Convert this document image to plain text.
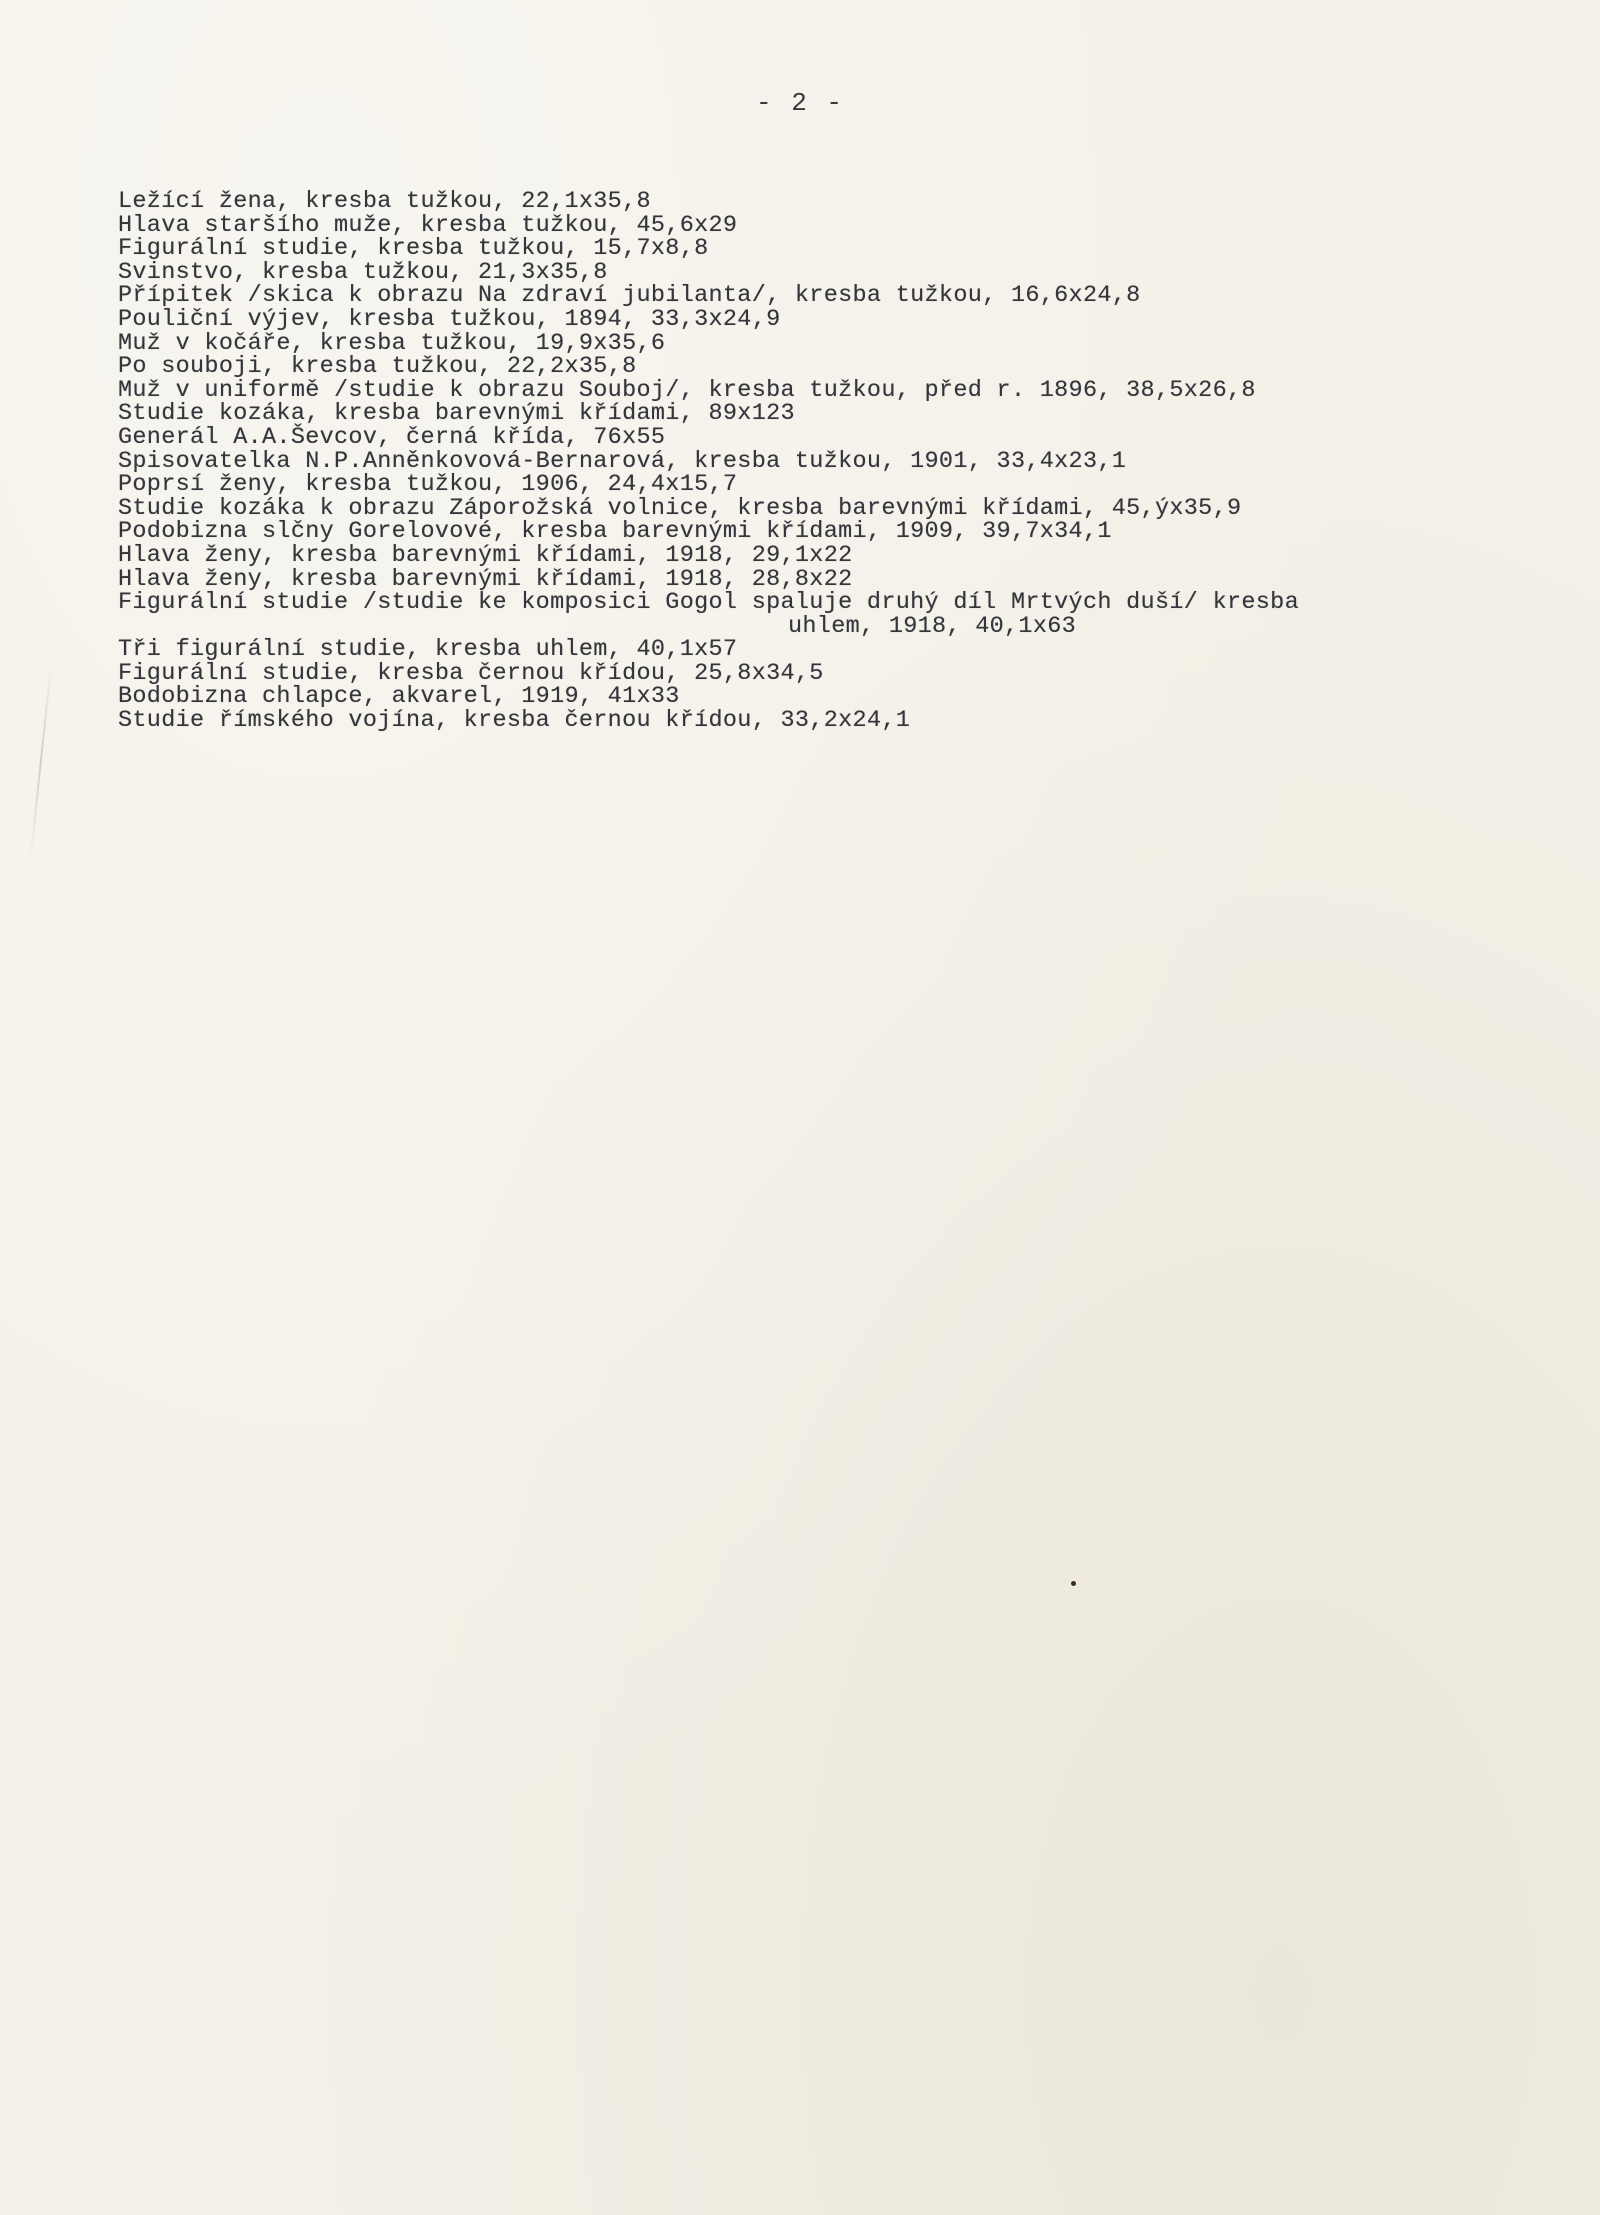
- 2 -
Ležící žena, kresba tužkou, 22,1x35,8
Hlava staršího muže, kresba tužkou, 45,6x29
Figurální studie, kresba tužkou, 15,7x8,8
Svinstvo, kresba tužkou, 21,3x35,8
Přípitek /skica k obrazu Na zdraví jubilanta/, kresba tužkou, 16,6x24,8
Pouliční výjev, kresba tužkou, 1894, 33,3x24,9
Muž v kočáře, kresba tužkou, 19,9x35,6
Po souboji, kresba tužkou, 22,2x35,8
Muž v uniformě /studie k obrazu Souboj/, kresba tužkou, před r. 1896, 38,5x26,8
Studie kozáka, kresba barevnými křídami, 89x123
Generál A.A.Ševcov, černá křída, 76x55
Spisovatelka N.P.Anněnkovová-Bernarová, kresba tužkou, 1901, 33,4x23,1
Poprsí ženy, kresba tužkou, 1906, 24,4x15,7
Studie kozáka k obrazu Záporožská volnice, kresba barevnými křídami, 45,ýx35,9
Podobizna slčny Gorelovové, kresba barevnými křídami, 1909, 39,7x34,1
Hlava ženy, kresba barevnými křídami, 1918, 29,1x22
Hlava ženy, kresba barevnými křídami, 1918, 28,8x22
Figurální studie /studie ke komposici Gogol spaluje druhý díl Mrtvých duší/ kresba
uhlem, 1918, 40,1x63
Tři figurální studie, kresba uhlem, 40,1x57
Figurální studie, kresba černou křídou, 25,8x34,5
Bodobizna chlapce, akvarel, 1919, 41x33
Studie římského vojína, kresba černou křídou, 33,2x24,1
